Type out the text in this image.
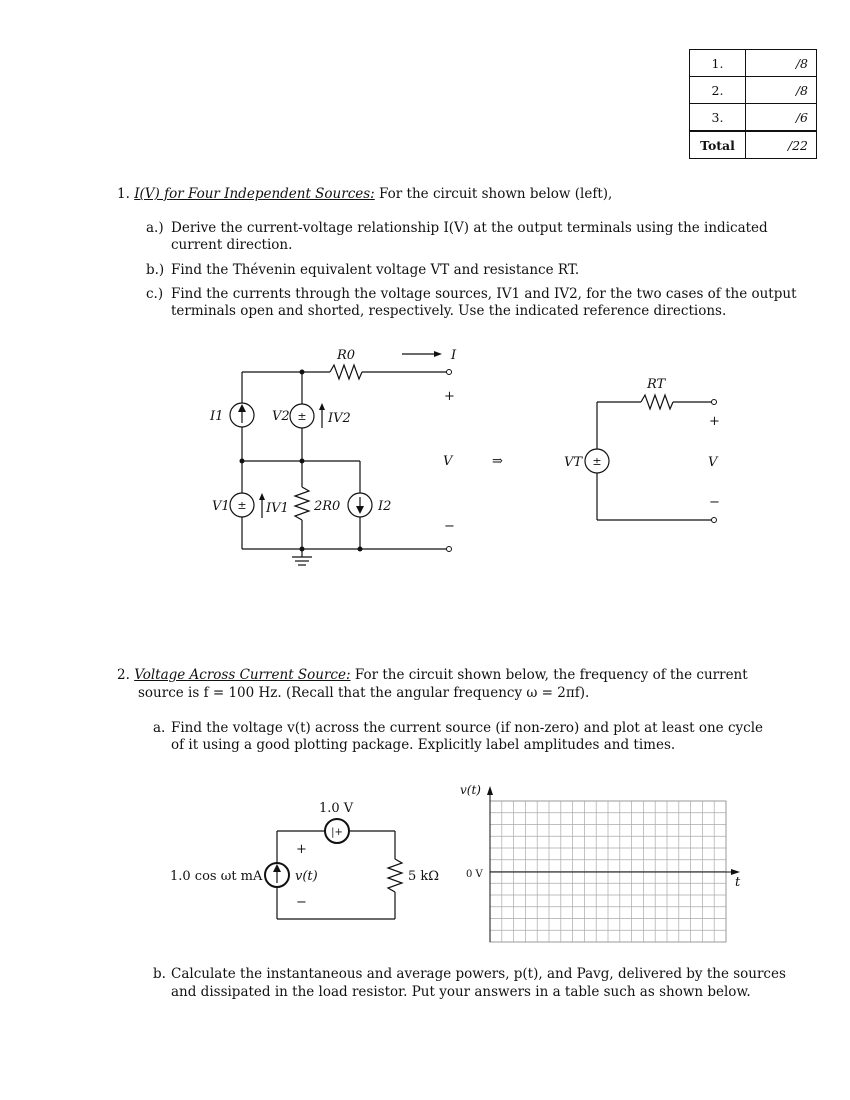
1.	/8
2.	/8
3.	/6
Total	/22
1. I(V) for Four Independent Sources: For the circuit shown below (left),
a.) Derive the current-voltage relationship I(V) at the output terminals using the indicated
current direction.
b.) Find the Thévenin equivalent voltage VT and resistance RT.
c.) Find the currents through the voltage sources, IV1 and IV2, for the two cases of the output
terminals open and shorted, respectively. Use the indicated reference directions.
±
±
±
R0	I
I1	V2	IV2
V1	IV1 2R0	I2
V
RT
VT	V
+
−
+
−
⇒
2. Voltage Across Current Source: For the circuit shown below, the frequency of the current
source is f = 100 Hz. (Recall that the angular frequency ω = 2πf).
a. Find the voltage v(t) across the current source (if non-zero) and plot at least one cycle
of it using a good plotting package. Explicitly label amplitudes and times.
b. Calculate the instantaneous and average powers, p(t), and Pavg, delivered by the sources
and dissipated in the load resistor. Put your answers in a table such as shown below.
|+
1.0 V
1.0 cos ωt mA	v(t)	5 kΩ
+
−
v(t)
0 V
t
